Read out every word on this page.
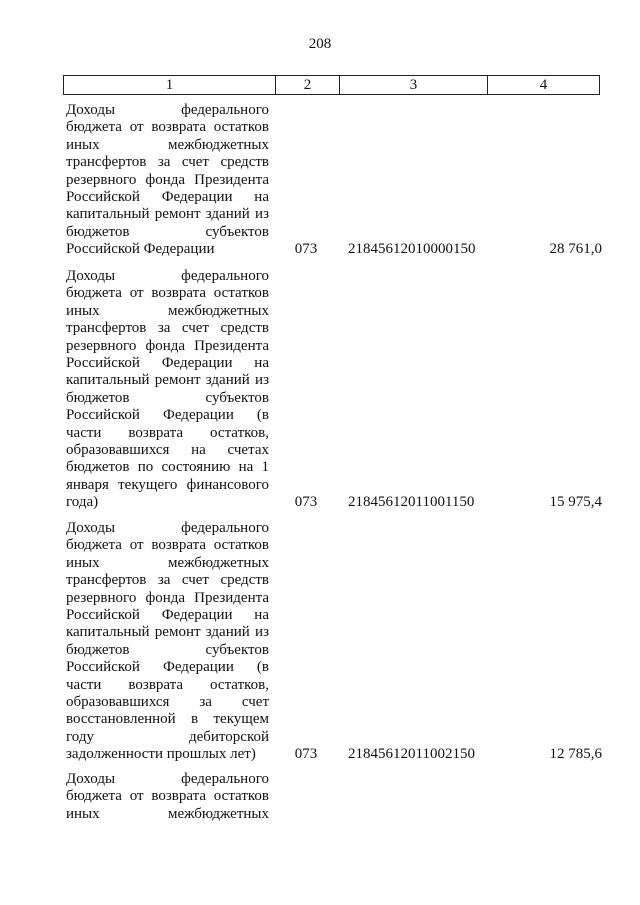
208
1	2	3	4
Доходы федерального
бюджета от возврата остатков
иных межбюджетных
трансфертов за счет средств
резервного фонда Президента
Российской Федерации на
капитальный ремонт зданий из
бюджетов субъектов
Российской Федерации	073	21845612010000150	28 761,0
Доходы федерального
бюджета от возврата остатков
иных межбюджетных
трансфертов за счет средств
резервного фонда Президента
Российской Федерации на
капитальный ремонт зданий из
бюджетов субъектов
Российской Федерации (в
части возврата остатков,
образовавшихся на счетах
бюджетов по состоянию на 1
января текущего финансового
года)	073	21845612011001150	15 975,4
Доходы федерального
бюджета от возврата остатков
иных межбюджетных
трансфертов за счет средств
резервного фонда Президента
Российской Федерации на
капитальный ремонт зданий из
бюджетов субъектов
Российской Федерации (в
части возврата остатков,
образовавшихся за счет
восстановленной в текущем
году дебиторской
задолженности прошлых лет)	073	21845612011002150	12 785,6
Доходы федерального
бюджета от возврата остатков
иных межбюджетных
